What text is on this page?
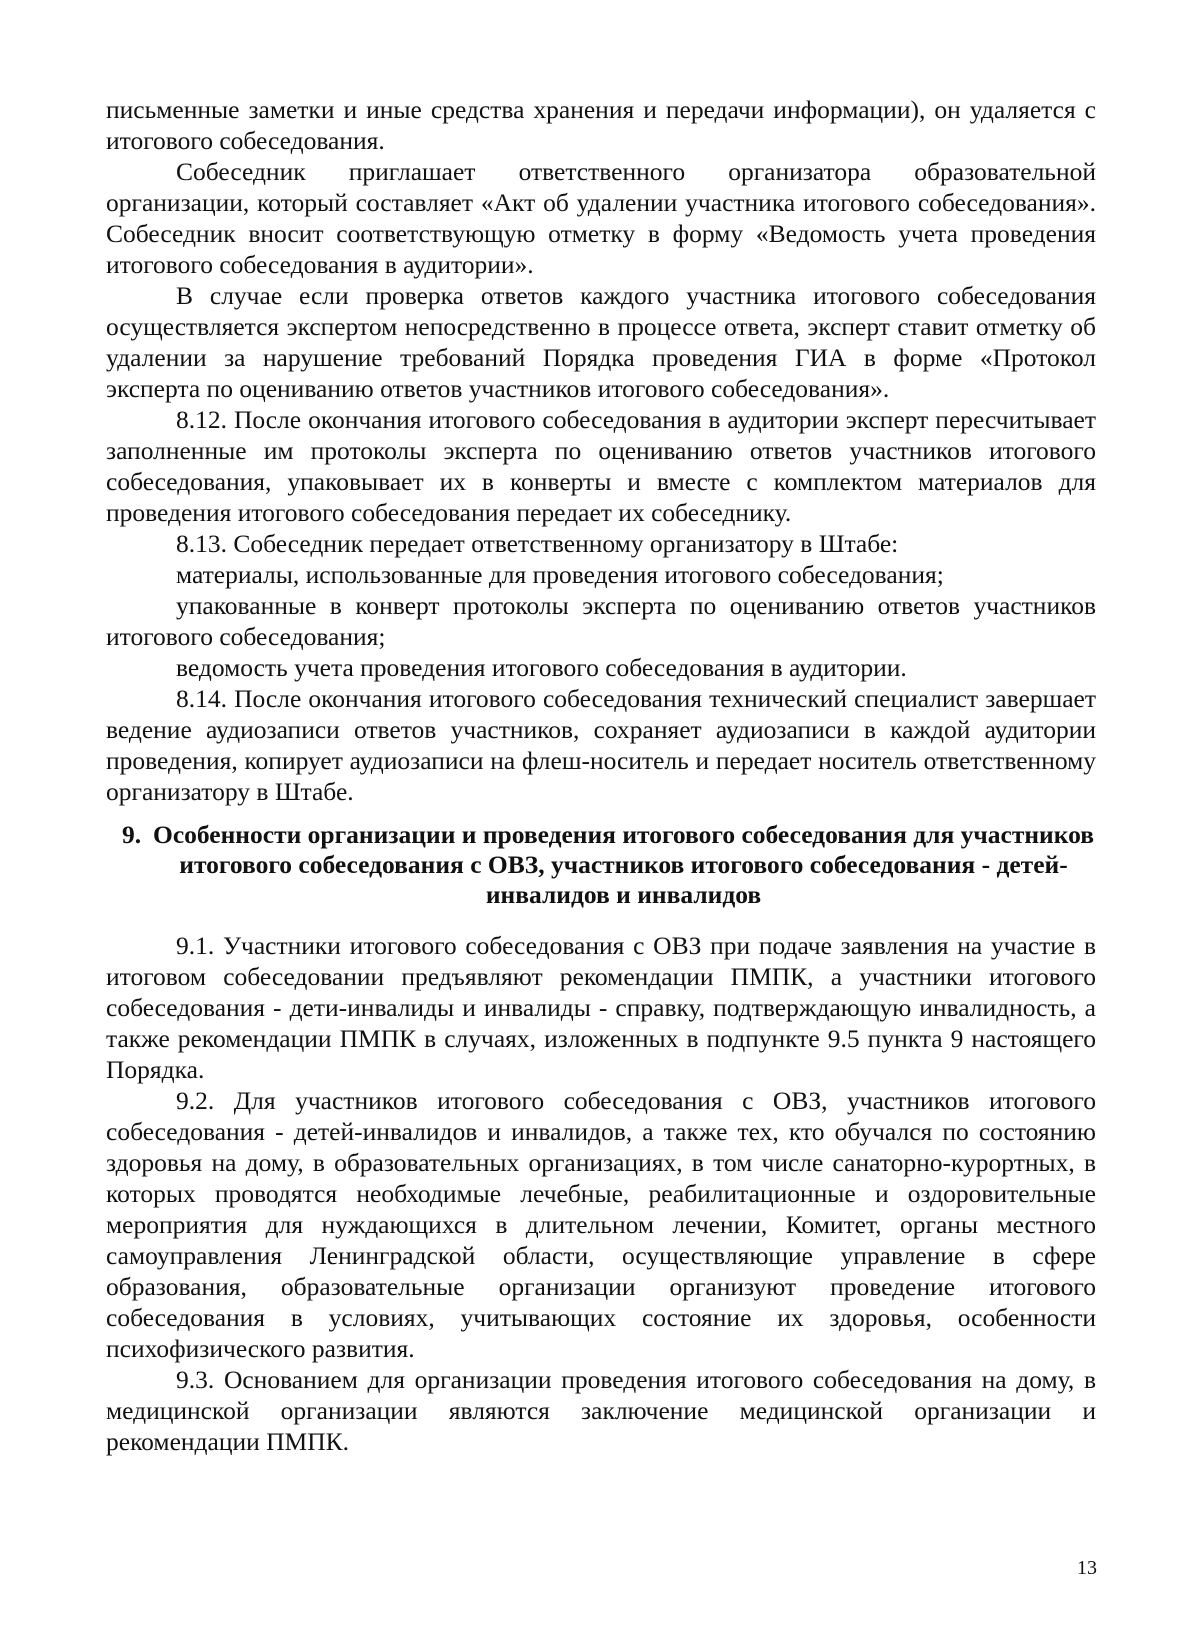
письменные заметки и иные средства хранения и передачи информации), он удаляется с итогового собеседования.

Собеседник приглашает ответственного организатора образовательной организации, который составляет «Акт об удалении участника итогового собеседования». Собеседник вносит соответствующую отметку в форму «Ведомость учета проведения итогового собеседования в аудитории».

В случае если проверка ответов каждого участника итогового собеседования осуществляется экспертом непосредственно в процессе ответа, эксперт ставит отметку об удалении за нарушение требований Порядка проведения ГИА в форме «Протокол эксперта по оцениванию ответов участников итогового собеседования».

8.12. После окончания итогового собеседования в аудитории эксперт пересчитывает заполненные им протоколы эксперта по оцениванию ответов участников итогового собеседования, упаковывает их в конверты и вместе с комплектом материалов для проведения итогового собеседования передает их собеседнику.

8.13. Собеседник передает ответственному организатору в Штабе:

материалы, использованные для проведения итогового собеседования;

упакованные в конверт протоколы эксперта по оцениванию ответов участников итогового собеседования;

ведомость учета проведения итогового собеседования в аудитории.

8.14. После окончания итогового собеседования технический специалист завершает ведение аудиозаписи ответов участников, сохраняет аудиозаписи в каждой аудитории проведения, копирует аудиозаписи на флеш-носитель и передает носитель ответственному организатору в Штабе.

9. Особенности организации и проведения итогового собеседования для участников итогового собеседования с ОВЗ, участников итогового собеседования - детей-инвалидов и инвалидов

9.1. Участники итогового собеседования с ОВЗ при подаче заявления на участие в итоговом собеседовании предъявляют рекомендации ПМПК, а участники итогового собеседования - дети-инвалиды и инвалиды - справку, подтверждающую инвалидность, а также рекомендации ПМПК в случаях, изложенных в подпункте 9.5 пункта 9 настоящего Порядка.

9.2. Для участников итогового собеседования с ОВЗ, участников итогового собеседования - детей-инвалидов и инвалидов, а также тех, кто обучался по состоянию здоровья на дому, в образовательных организациях, в том числе санаторно-курортных, в которых проводятся необходимые лечебные, реабилитационные и оздоровительные мероприятия для нуждающихся в длительном лечении, Комитет, органы местного самоуправления Ленинградской области, осуществляющие управление в сфере образования, образовательные организации организуют проведение итогового собеседования в условиях, учитывающих состояние их здоровья, особенности психофизического развития.

9.3. Основанием для организации проведения итогового собеседования на дому, в медицинской организации являются заключение медицинской организации и рекомендации ПМПК.

13
